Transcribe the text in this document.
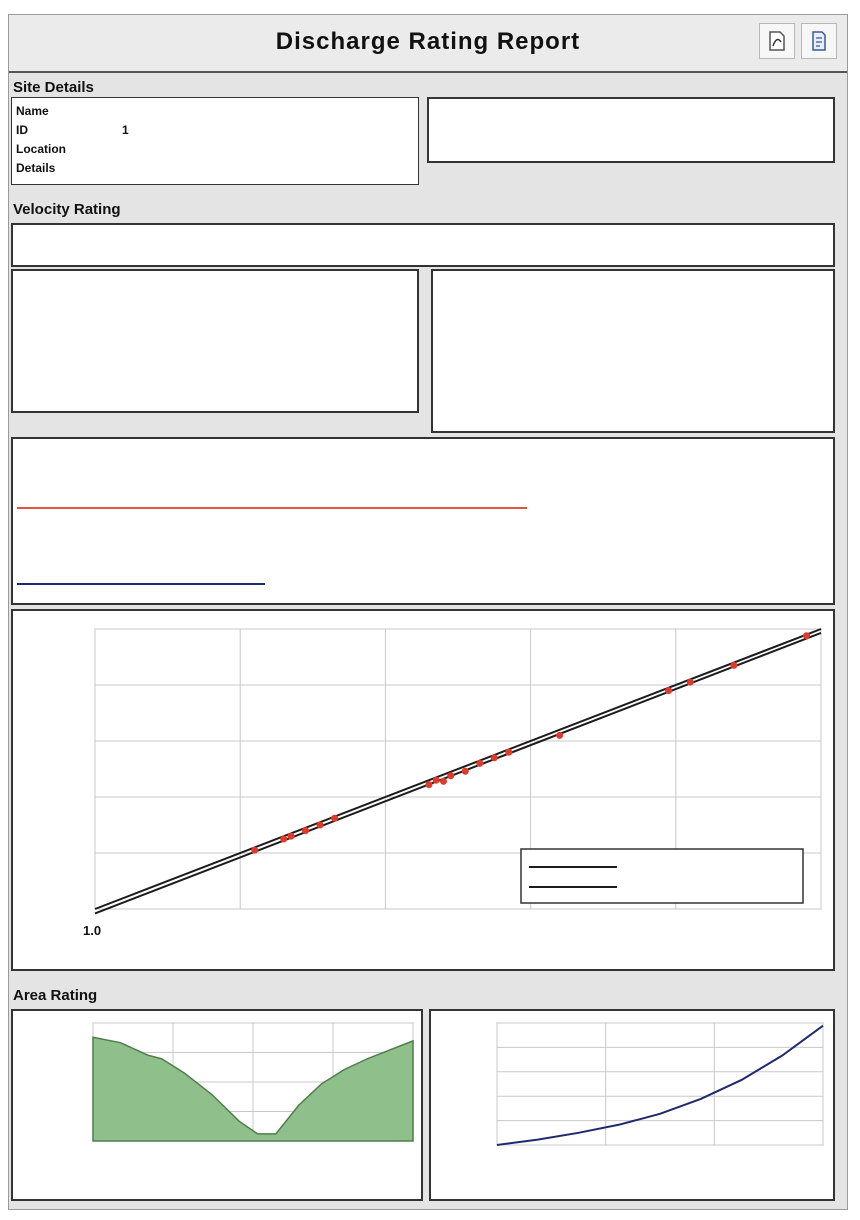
Discharge Rating Report
Site Details
Name
ID	1
Location
Details
Velocity Rating
1.0
Area Rating
